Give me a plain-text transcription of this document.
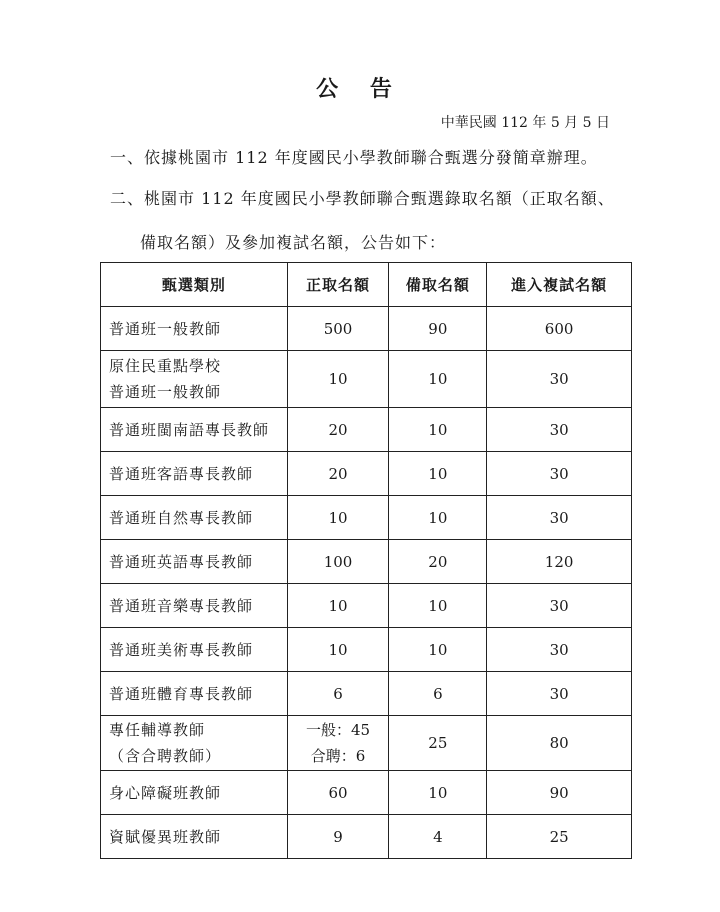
公 告
中華民國 112 年 5 月 5 日
一、依據桃園市 112 年度國民小學教師聯合甄選分發簡章辦理。
二、桃園市 112 年度國民小學教師聯合甄選錄取名額（正取名額、
備取名額）及參加複試名額，公告如下：
甄選類別	正取名額	備取名額	進入複試名額
普通班一般教師	500	90	600

原住民重點學校
普通班一般教師	10	10	30
普通班閩南語專長教師	20	10	30
普通班客語專長教師	20	10	30
普通班自然專長教師	10	10	30
普通班英語專長教師	100	20	120
普通班音樂專長教師	10	10	30
普通班美術專長教師	10	10	30
普通班體育專長教師	6	6	30

專任輔導教師
（含合聘教師）	一般：45
合聘：6	25	80
身心障礙班教師	60	10	90
資賦優異班教師	9	4	25
